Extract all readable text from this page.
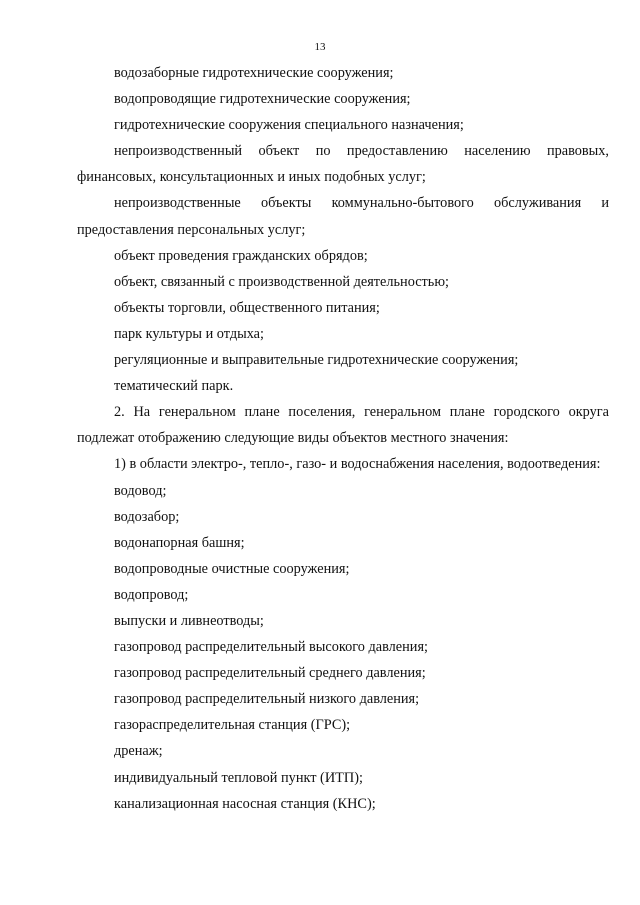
13

водозаборные гидротехнические сооружения;

водопроводящие гидротехнические сооружения;

гидротехнические сооружения специального назначения;

непроизводственный объект по предоставлению населению правовых, финансовых, консультационных и иных подобных услуг;

непроизводственные объекты коммунально-бытового обслуживания и предоставления персональных услуг;

объект проведения гражданских обрядов;

объект, связанный с производственной деятельностью;

объекты торговли, общественного питания;

парк культуры и отдыха;

регуляционные и выправительные гидротехнические сооружения;

тематический парк.

2. На генеральном плане поселения, генеральном плане городского округа подлежат отображению следующие виды объектов местного значения:

1) в области электро-, тепло-, газо- и водоснабжения населения, водоотведения:

водовод;

водозабор;

водонапорная башня;

водопроводные очистные сооружения;

водопровод;

выпуски и ливнеотводы;

газопровод распределительный высокого давления;

газопровод распределительный среднего давления;

газопровод распределительный низкого давления;

газораспределительная станция (ГРС);

дренаж;

индивидуальный тепловой пункт (ИТП);

канализационная насосная станция (КНС);
